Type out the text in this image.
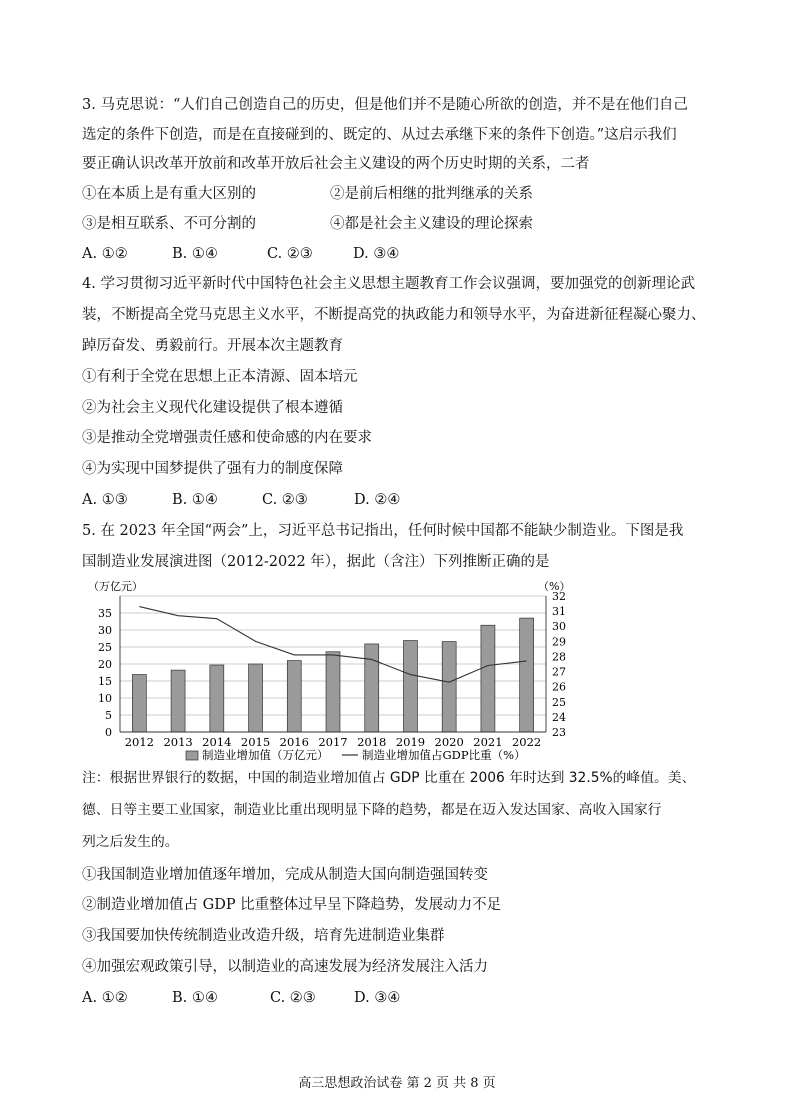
3. 马克思说：“人们自己创造自己的历史，但是他们并不是随心所欲的创造，并不是在他们自己
选定的条件下创造，而是在直接碰到的、既定的、从过去承继下来的条件下创造。”这启示我们
要正确认识改革开放前和改革开放后社会主义建设的两个历史时期的关系，二者
①在本质上是有重大区别的	②是前后相继的批判继承的关系
③是相互联系、不可分割的	④都是社会主义建设的理论探索
A. ①②	B. ①④	C. ②③	D. ③④
4. 学习贯彻习近平新时代中国特色社会主义思想主题教育工作会议强调，要加强党的创新理论武
装，不断提高全党马克思主义水平，不断提高党的执政能力和领导水平，为奋进新征程凝心聚力、
踔厉奋发、勇毅前行。开展本次主题教育
①有利于全党在思想上正本清源、固本培元
②为社会主义现代化建设提供了根本遵循
③是推动全党增强责任感和使命感的内在要求
④为实现中国梦提供了强有力的制度保障
A. ①③	B. ①④	C. ②③	D. ②④
5. 在 2023 年全国“两会”上，习近平总书记指出，任何时候中国都不能缺少制造业。下图是我
国制造业发展演进图（2012-2022 年），据此（含注）下列推断正确的是
0
5
10
15
20
25
30
35
23
24
25
26
27
28
29
30
31
32
（万亿元）	（%）
2012 2013 2014 2015 2016 2017 2018 2019 2020 2021 2022
制造业增加值（万亿元）	制造业增加值占GDP比重（%）
注：根据世界银行的数据，中国的制造业增加值占 GDP 比重在 2006 年时达到 32.5%的峰值。美、
德、日等主要工业国家，制造业比重出现明显下降的趋势，都是在迈入发达国家、高收入国家行
列之后发生的。
①我国制造业增加值逐年增加，完成从制造大国向制造强国转变
②制造业增加值占 GDP 比重整体过早呈下降趋势，发展动力不足
③我国要加快传统制造业改造升级，培育先进制造业集群
④加强宏观政策引导，以制造业的高速发展为经济发展注入活力
A. ①②	B. ①④	C. ②③	D. ③④
高三思想政治试卷 第 2 页 共 8 页
